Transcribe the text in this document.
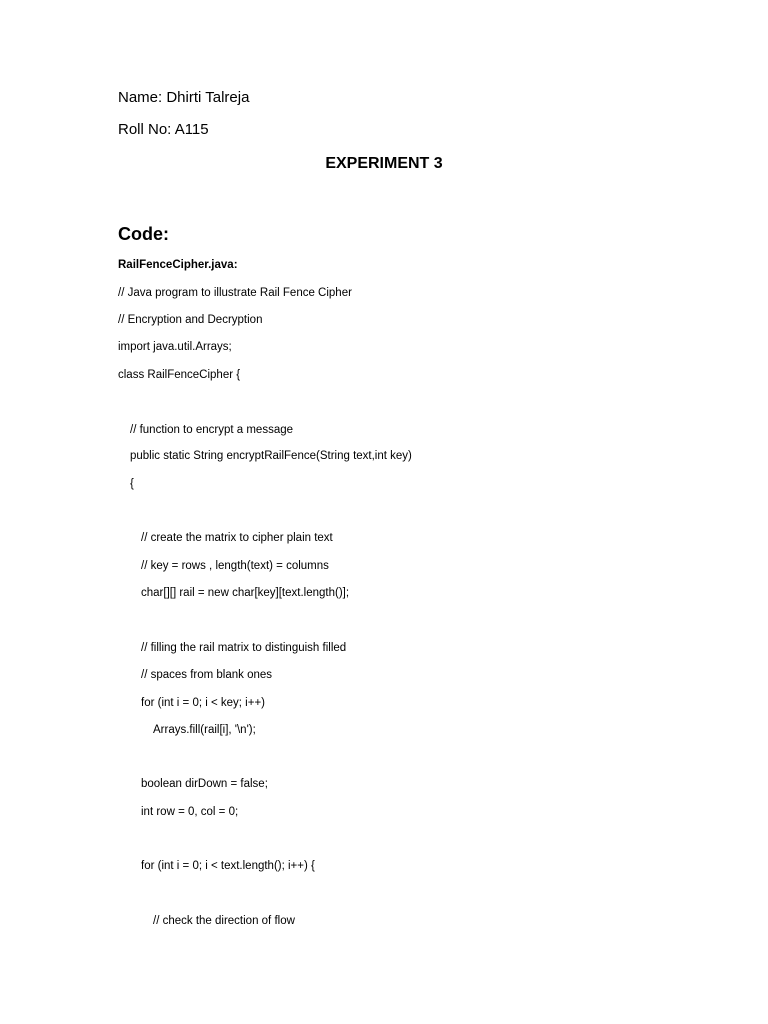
Name: Dhirti Talreja
Roll No: A115
EXPERIMENT 3
Code:
RailFenceCipher.java:
// Java program to illustrate Rail Fence Cipher
// Encryption and Decryption
import java.util.Arrays;
class RailFenceCipher {
// function to encrypt a message
public static String encryptRailFence(String text,int key)
{
// create the matrix to cipher plain text
// key = rows , length(text) = columns
char[][] rail = new char[key][text.length()];
// filling the rail matrix to distinguish filled
// spaces from blank ones
for (int i = 0; i < key; i++)
Arrays.fill(rail[i], '\n');
boolean dirDown = false;
int row = 0, col = 0;
for (int i = 0; i < text.length(); i++) {
// check the direction of flow
